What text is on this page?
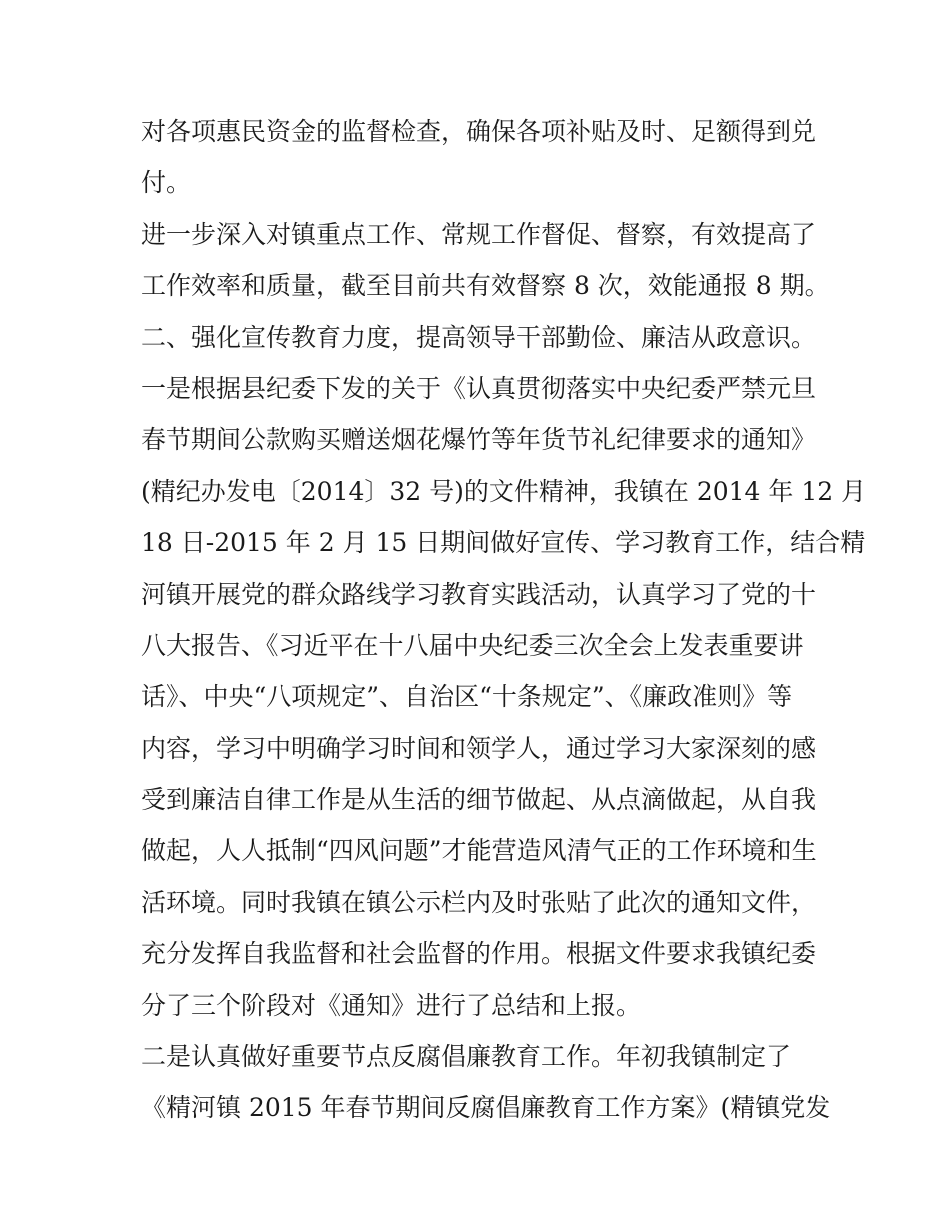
对各项惠民资金的监督检查，确保各项补贴及时、足额得到兑
付。
进一步深入对镇重点工作、常规工作督促、督察，有效提高了
工作效率和质量，截至目前共有效督察 8 次，效能通报 8 期。
二、强化宣传教育力度，提高领导干部勤俭、廉洁从政意识。
一是根据县纪委下发的关于《认真贯彻落实中央纪委严禁元旦
春节期间公款购买赠送烟花爆竹等年货节礼纪律要求的通知》
(精纪办发电〔2014〕32 号)的文件精神，我镇在 2014 年 12 月
18 日-2015 年 2 月 15 日期间做好宣传、学习教育工作，结合精
河镇开展党的群众路线学习教育实践活动，认真学习了党的十
八大报告、《习近平在十八届中央纪委三次全会上发表重要讲
话》、中央“八项规定”、自治区“十条规定”、《廉政准则》等
内容，学习中明确学习时间和领学人，通过学习大家深刻的感
受到廉洁自律工作是从生活的细节做起、从点滴做起，从自我
做起，人人抵制“四风问题”才能营造风清气正的工作环境和生
活环境。同时我镇在镇公示栏内及时张贴了此次的通知文件，
充分发挥自我监督和社会监督的作用。根据文件要求我镇纪委
分了三个阶段对《通知》进行了总结和上报。
二是认真做好重要节点反腐倡廉教育工作。年初我镇制定了
《精河镇 2015 年春节期间反腐倡廉教育工作方案》(精镇党发
